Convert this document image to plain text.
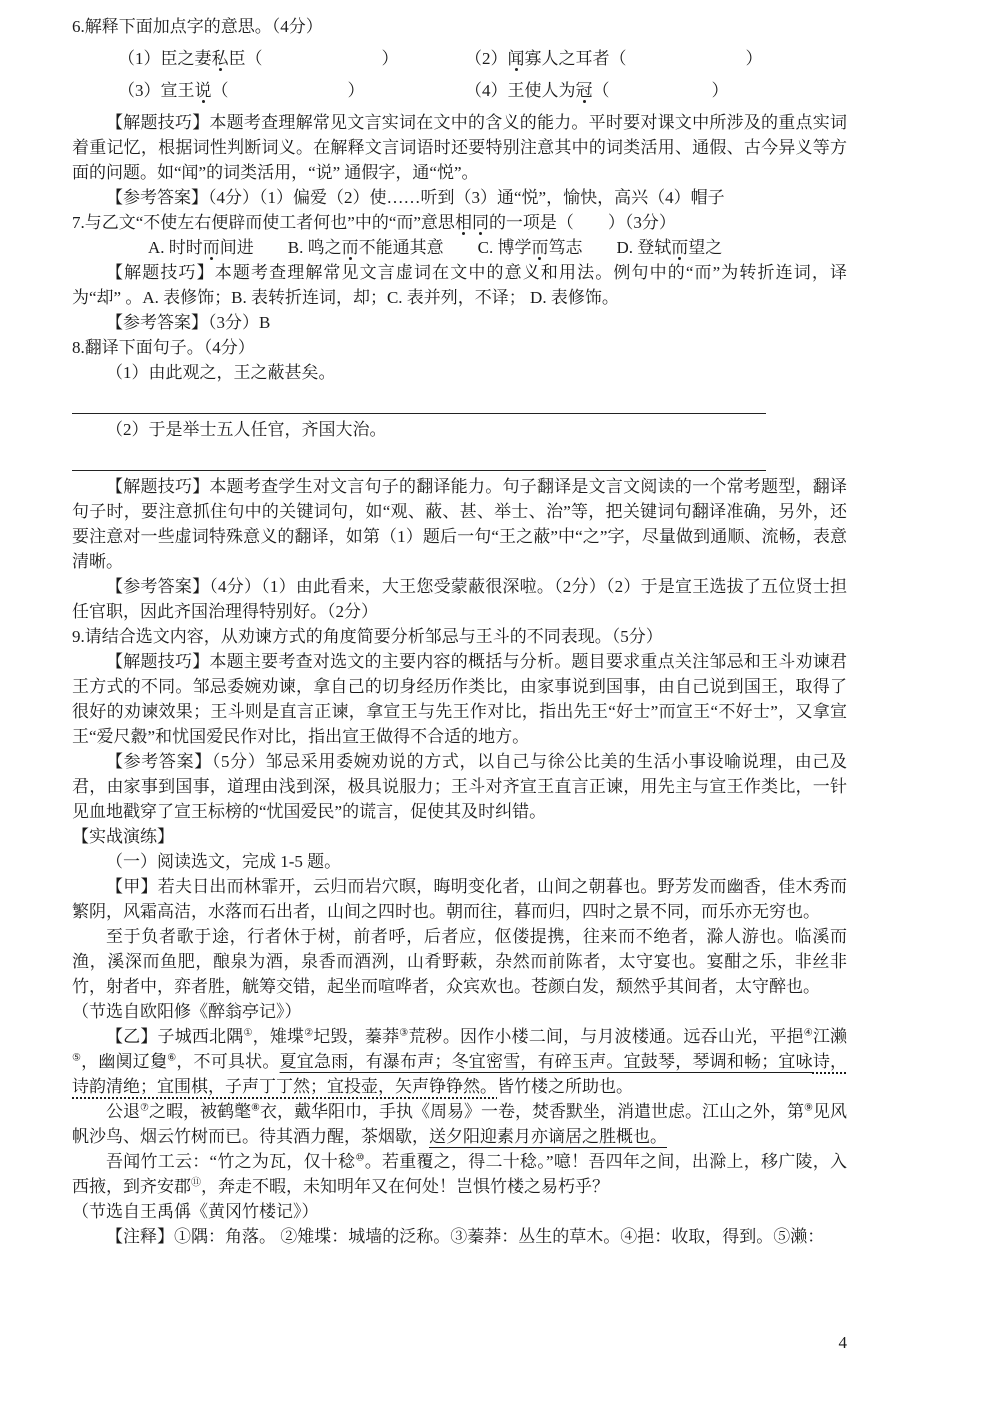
6.解释下面加点字的意思。（4分）

（1）臣之妻私臣（　　　　　　　）	（2）闻寡人之耳者（　　　　　　　）
（3）宣王说（　　　　　　　）	（4）王使人为冠（　　　　　　）

【解题技巧】本题考查理解常见文言实词在文中的含义的能力。平时要对课文中所涉及的重点实词着重记忆，根据词性判断词义。在解释文言词语时还要特别注意其中的词类活用、通假、古今异义等方面的问题。如“闻”的词类活用，“说” 通假字，通“悦”。

【参考答案】（4分）（1）偏爱（2）使……听到（3）通“悦”，愉快，高兴（4）帽子

7.与乙文“不使左右便辟而使工者何也”中的“而”意思相同的一项是（　　）（3分）

A. 时时而间进　　B. 鸣之而不能通其意　　C. 博学而笃志　　D. 登轼而望之

【解题技巧】本题考查理解常见文言虚词在文中的意义和用法。例句中的“而”为转折连词，译为“却” 。A. 表修饰；B. 表转折连词，却；C. 表并列，不译； D. 表修饰。

【参考答案】（3分）B

8.翻译下面句子。（4分）

（1）由此观之，王之蔽甚矣。

（2）于是举士五人任官，齐国大治。

【解题技巧】本题考查学生对文言句子的翻译能力。句子翻译是文言文阅读的一个常考题型，翻译句子时，要注意抓住句中的关键词句，如“观、蔽、甚、举士、治”等，把关键词句翻译准确，另外，还要注意对一些虚词特殊意义的翻译，如第（1）题后一句“王之蔽”中“之”字，尽量做到通顺、流畅，表意清晰。

【参考答案】（4分）（1）由此看来，大王您受蒙蔽很深啦。（2分）（2）于是宣王选拔了五位贤士担任官职，因此齐国治理得特别好。（2分）

9.请结合选文内容，从劝谏方式的角度简要分析邹忌与王斗的不同表现。（5分）

【解题技巧】本题主要考查对选文的主要内容的概括与分析。题目要求重点关注邹忌和王斗劝谏君王方式的不同。邹忌委婉劝谏，拿自己的切身经历作类比，由家事说到国事，由自己说到国王，取得了很好的劝谏效果；王斗则是直言正谏，拿宣王与先王作对比，指出先王“好士”而宣王“不好士”，又拿宣王“爱尺縠”和忧国爱民作对比，指出宣王做得不合适的地方。

【参考答案】（5分）邹忌采用委婉劝说的方式，以自己与徐公比美的生活小事设喻说理，由己及君，由家事到国事，道理由浅到深，极具说服力；王斗对齐宣王直言正谏，用先主与宣王作类比，一针见血地戳穿了宣王标榜的“忧国爱民”的谎言，促使其及时纠错。

【实战演练】

（一）阅读选文，完成 1-5 题。

【甲】若夫日出而林霏开，云归而岩穴暝，晦明变化者，山间之朝暮也。野芳发而幽香，佳木秀而繁阴，风霜高洁，水落而石出者，山间之四时也。朝而往，暮而归，四时之景不同，而乐亦无穷也。

至于负者歌于途，行者休于树，前者呼，后者应，伛偻提携，往来而不绝者，滁人游也。临溪而渔，溪深而鱼肥，酿泉为酒，泉香而酒洌，山肴野蔌，杂然而前陈者，太守宴也。宴酣之乐，非丝非竹，射者中，弈者胜，觥筹交错，起坐而喧哗者，众宾欢也。苍颜白发，颓然乎其间者，太守醉也。

（节选自欧阳修《醉翁亭记》）

【乙】子城西北隅①，雉堞②圮毁，蓁莽③荒秽。因作小楼二间，与月波楼通。远吞山光，平挹④江濑⑤，幽阒辽敻⑥，不可具状。夏宜急雨，有瀑布声；冬宜密雪，有碎玉声。宜鼓琴，琴调和畅；宜咏诗，诗韵清绝；宜围棋，子声丁丁然；宜投壶，矢声铮铮然。皆竹楼之所助也。

公退⑦之暇，被鹤氅⑧衣，戴华阳巾，手执《周易》一卷，焚香默坐，消遣世虑。江山之外，第⑨见风帆沙鸟、烟云竹树而已。待其酒力醒，茶烟歇，送夕阳迎素月亦谪居之胜概也。

吾闻竹工云：“竹之为瓦，仅十稔⑩。若重覆之，得二十稔。”噫！吾四年之间，出滁上，移广陵，入西掖，到齐安郡⑪，奔走不暇，未知明年又在何处！岂惧竹楼之易朽乎？

（节选自王禹偁《黄冈竹楼记》）

【注释】①隅：角落。 ②雉堞：城墙的泛称。③蓁莽：丛生的草木。④挹：收取，得到。⑤濑：

4
